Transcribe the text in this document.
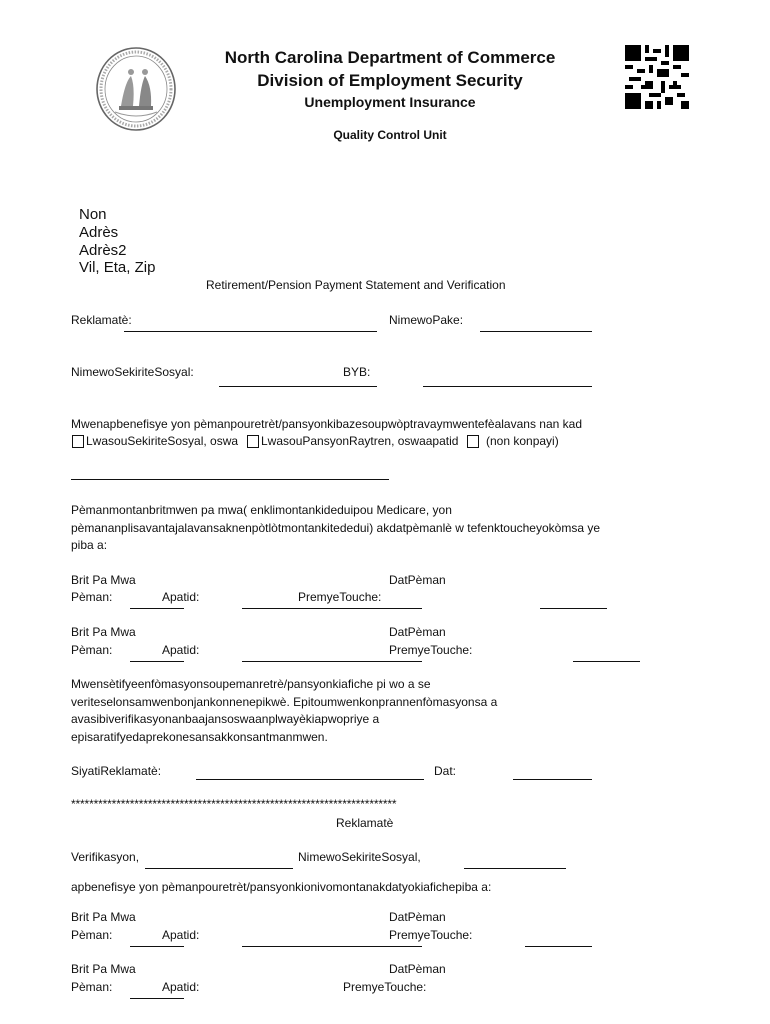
North Carolina Department of Commerce
Division of Employment Security
Unemployment Insurance
Quality Control Unit
Non
Adrès
Adrès2
Vil, Eta, Zip
Retirement/Pension Payment Statement and Verification
Reklamatè:	NimewoPake:
NimewoSekiriteSosyal:	BYB:
Mwenapbenefisye yon pèmanpouretrèt/pansyonkibazesoupwòptravaymwentefèalavans nan kad
LwasouSekiriteSosyal, oswa LwasouPansyonRaytren, oswaapatid (non konpayi)
Pèmanmontanbritmwen pa mwa( enklimontankideduipou Medicare, yon
pèmananplisavantajalavansaknenpòtlòtmontankitededui) akdatpèmanlè w tefenktoucheyokòmsa ye
piba a:
Brit Pa Mwa	DatPèman
Pèman:	Apatid:	PremyeTouche:
Brit Pa Mwa	DatPèman
Pèman:	Apatid:	PremyeTouche:
Mwensètifyeenfòmasyonsoupemanretrè/pansyonkiafiche pi wo a se
veriteselonsamwenbonjankonnenepikwè. Epitoumwenkonprannenfòmasyonsa a
avasibiverifikasyonanbaajansoswaanplwayèkiapwopriye a
episaratifyedaprekonesansakkonsantmanmwen.
SiyatiReklamatè:	Dat:
************************************************************************
Reklamatè
Verifikasyon,	NimewoSekiriteSosyal,
apbenefisye yon pèmanpouretrèt/pansyonkionivomontanakdatyokiafichepiba a:
Brit Pa Mwa	DatPèman
Pèman:	Apatid:	PremyeTouche:
Brit Pa Mwa	DatPèman
Pèman:	Apatid:	PremyeTouche:
